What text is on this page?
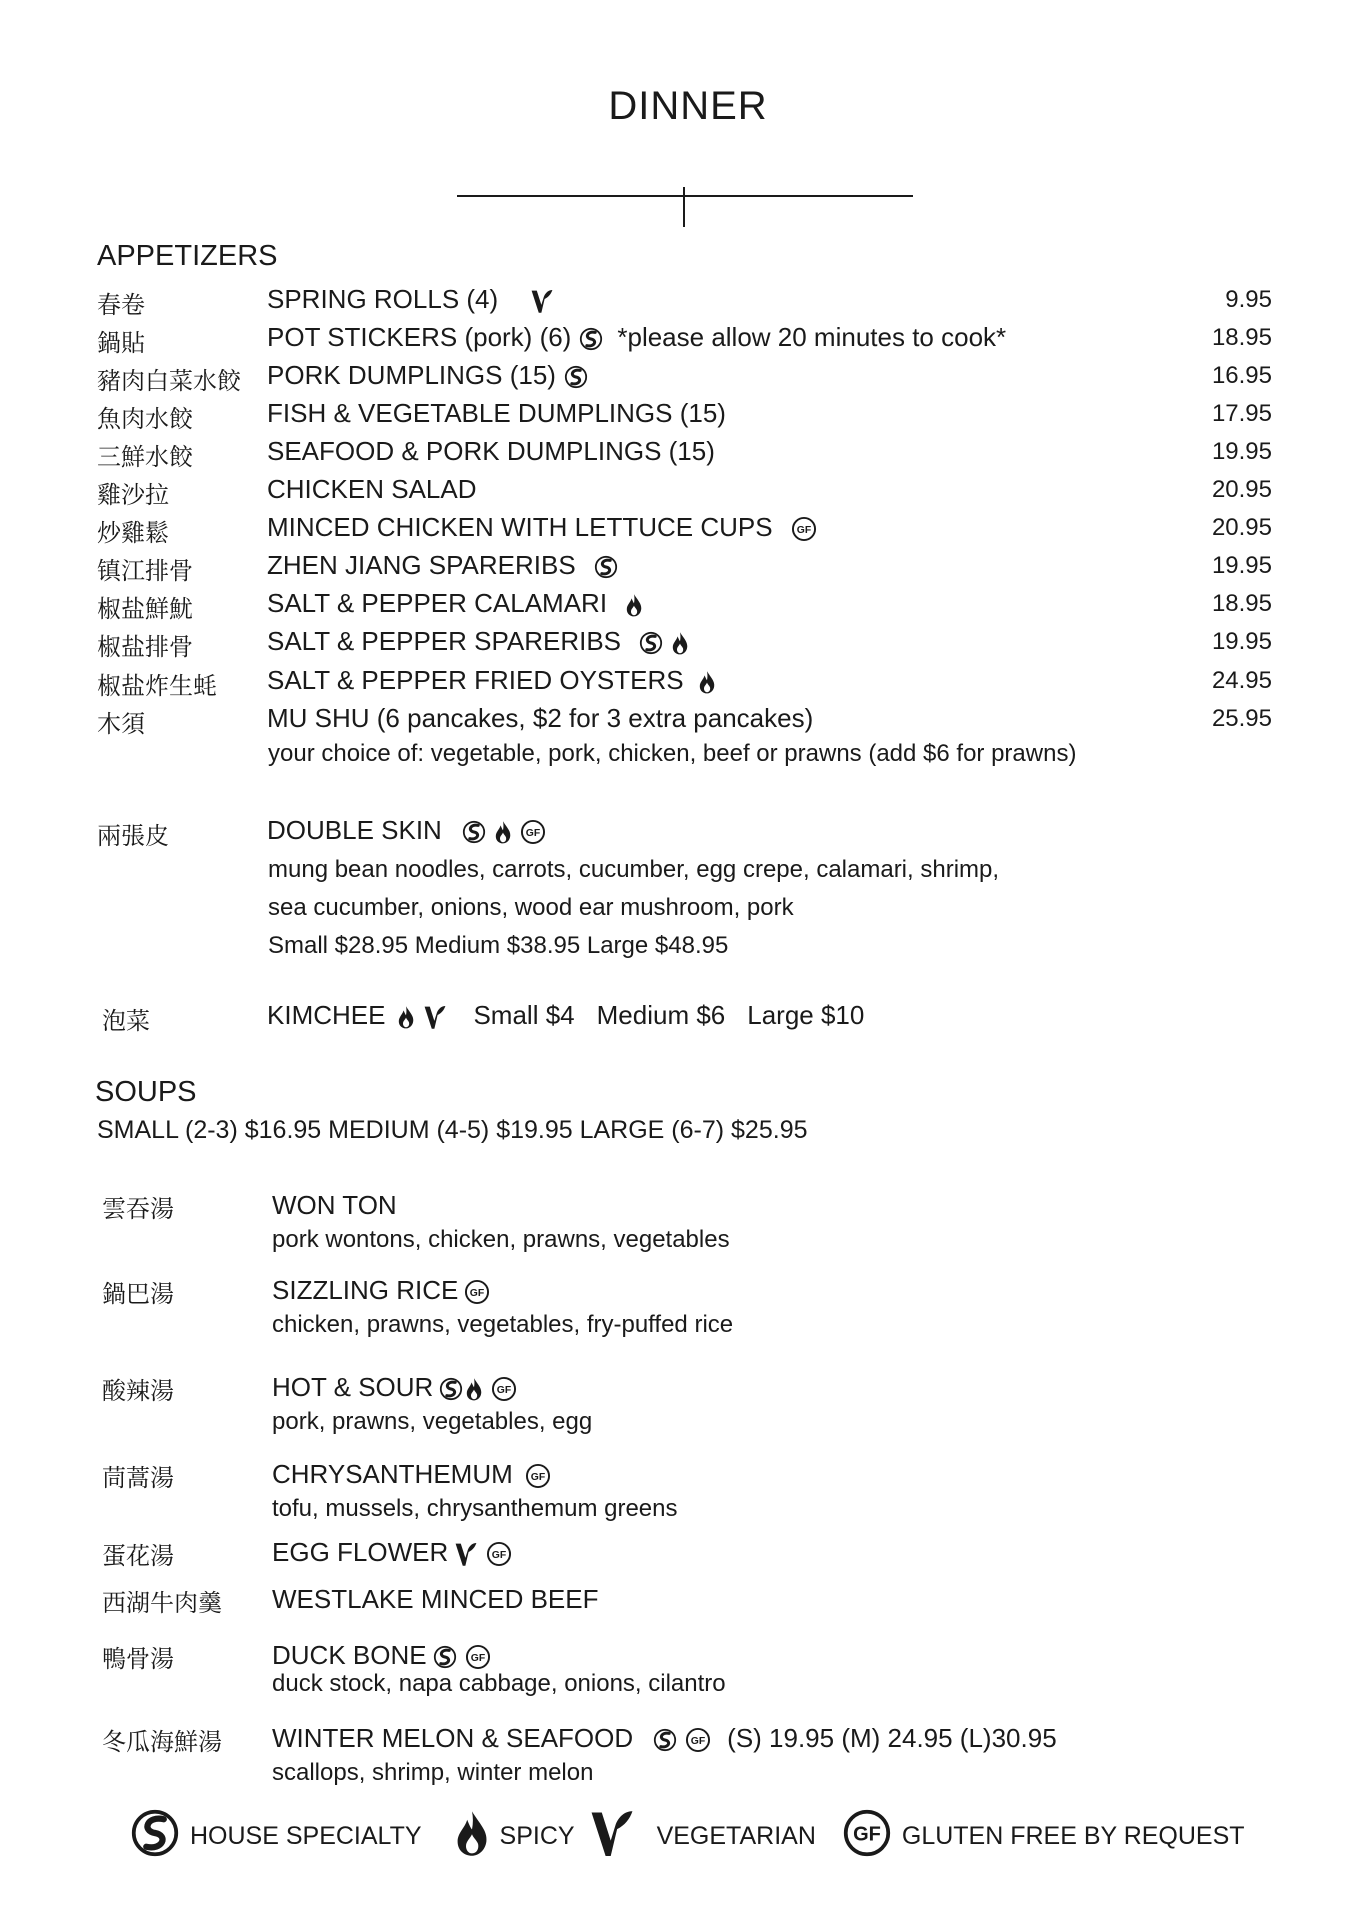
DINNER
APPETIZERS
春卷	SPRING ROLLS (4)	9.95
鍋貼	POT STICKERS (pork) (6) *please allow 20 minutes to cook*	18.95
豬肉白菜水餃 PORK DUMPLINGS (15)	16.95
魚肉水餃	FISH & VEGETABLE DUMPLINGS (15)	17.95
三鮮水餃	SEAFOOD & PORK DUMPLINGS (15)	19.95
雞沙拉	CHICKEN SALAD	20.95
炒雞鬆	MINCED CHICKEN WITH LETTUCE CUPS	20.95
镇江排骨	ZHEN JIANG SPARERIBS	19.95
椒盐鮮魷	SALT & PEPPER CALAMARI	18.95
椒盐排骨	SALT & PEPPER SPARERIBS	19.95
椒盐炸生蚝 SALT & PEPPER FRIED OYSTERS	24.95
木須	MU SHU (6 pancakes, $2 for 3 extra pancakes)	25.95
your choice of: vegetable, pork, chicken, beef or prawns (add $6 for prawns)
兩張皮	DOUBLE SKIN
mung bean noodles, carrots, cucumber, egg crepe, calamari, shrimp,
sea cucumber, onions, wood ear mushroom, pork
Small $28.95 Medium $38.95 Large $48.95
泡菜	KIMCHEE	Small $4 Medium $6 Large $10
SOUPS
SMALL (2-3) $16.95 MEDIUM (4-5) $19.95 LARGE (6-7) $25.95
雲吞湯	WON TON
pork wontons, chicken, prawns, vegetables
鍋巴湯	SIZZLING RICE
chicken, prawns, vegetables, fry-puffed rice
酸辣湯	HOT & SOUR
pork, prawns, vegetables, egg
茼蒿湯	CHRYSANTHEMUM
tofu, mussels, chrysanthemum greens
蛋花湯	EGG FLOWER
西湖牛肉羹 WESTLAKE MINCED BEEF
鴨骨湯	DUCK BONE
duck stock, napa cabbage, onions, cilantro
冬瓜海鮮湯 WINTER MELON & SEAFOOD	(S) 19.95 (M) 24.95 (L)30.95
scallops, shrimp, winter melon
HOUSE SPECIALTY	SPICY	VEGETARIAN	GLUTEN FREE BY REQUEST
